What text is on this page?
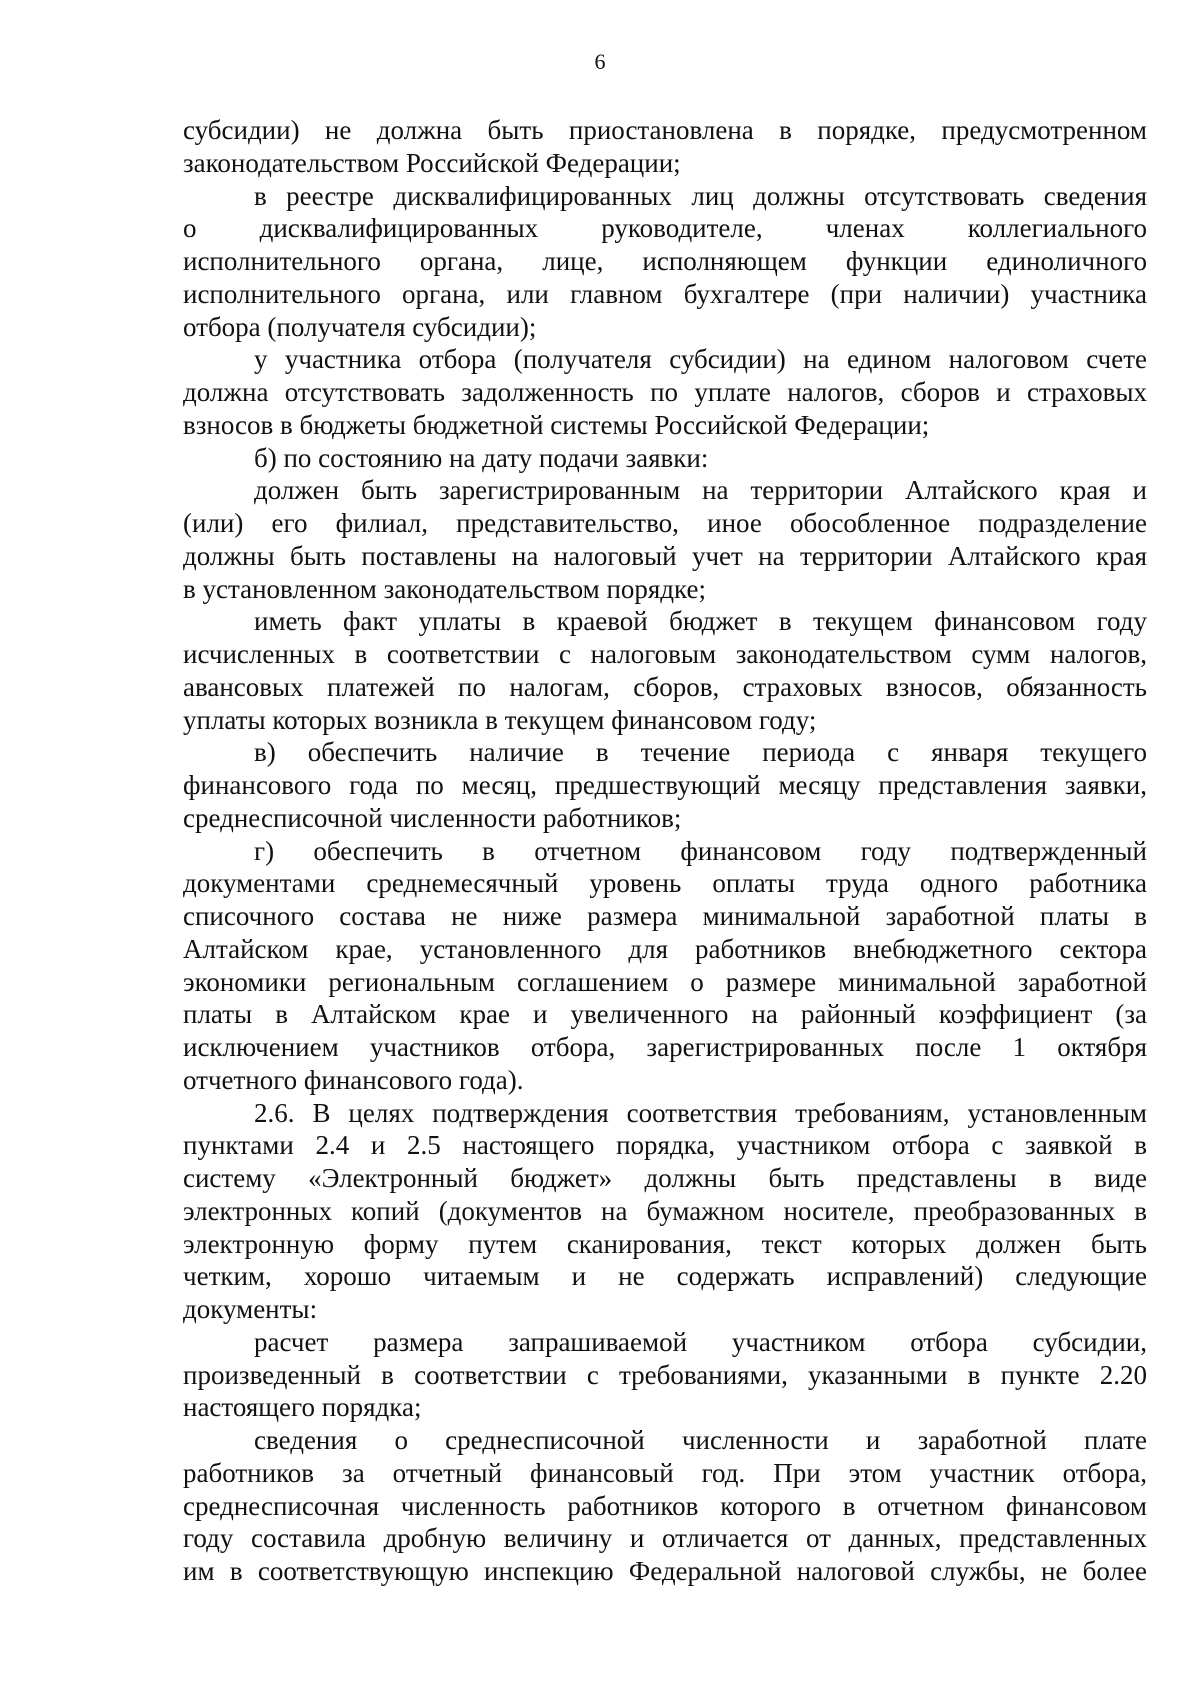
6
субсидии) не должна быть приостановлена в порядке, предусмотренном
законодательством Российской Федерации;
в реестре дисквалифицированных лиц должны отсутствовать сведения
о дисквалифицированных руководителе, членах коллегиального
исполнительного органа, лице, исполняющем функции единоличного
исполнительного органа, или главном бухгалтере (при наличии) участника
отбора (получателя субсидии);
у участника отбора (получателя субсидии) на едином налоговом счете
должна отсутствовать задолженность по уплате налогов, сборов и страховых
взносов в бюджеты бюджетной системы Российской Федерации;
б) по состоянию на дату подачи заявки:
должен быть зарегистрированным на территории Алтайского края и
(или) его филиал, представительство, иное обособленное подразделение
должны быть поставлены на налоговый учет на территории Алтайского края
в установленном законодательством порядке;
иметь факт уплаты в краевой бюджет в текущем финансовом году
исчисленных в соответствии с налоговым законодательством сумм налогов,
авансовых платежей по налогам, сборов, страховых взносов, обязанность
уплаты которых возникла в текущем финансовом году;
в) обеспечить наличие в течение периода с января текущего
финансового года по месяц, предшествующий месяцу представления заявки,
среднесписочной численности работников;
г) обеспечить в отчетном финансовом году подтвержденный
документами среднемесячный уровень оплаты труда одного работника
списочного состава не ниже размера минимальной заработной платы в
Алтайском крае, установленного для работников внебюджетного сектора
экономики региональным соглашением о размере минимальной заработной
платы в Алтайском крае и увеличенного на районный коэффициент (за
исключением участников отбора, зарегистрированных после 1 октября
отчетного финансового года).
2.6. В целях подтверждения соответствия требованиям, установленным
пунктами 2.4 и 2.5 настоящего порядка, участником отбора с заявкой в
систему «Электронный бюджет» должны быть представлены в виде
электронных копий (документов на бумажном носителе, преобразованных в
электронную форму путем сканирования, текст которых должен быть
четким, хорошо читаемым и не содержать исправлений) следующие
документы:
расчет размера запрашиваемой участником отбора субсидии,
произведенный в соответствии с требованиями, указанными в пункте 2.20
настоящего порядка;
сведения о среднесписочной численности и заработной плате
работников за отчетный финансовый год. При этом участник отбора,
среднесписочная численность работников которого в отчетном финансовом
году составила дробную величину и отличается от данных, представленных
им в соответствующую инспекцию Федеральной налоговой службы, не более
